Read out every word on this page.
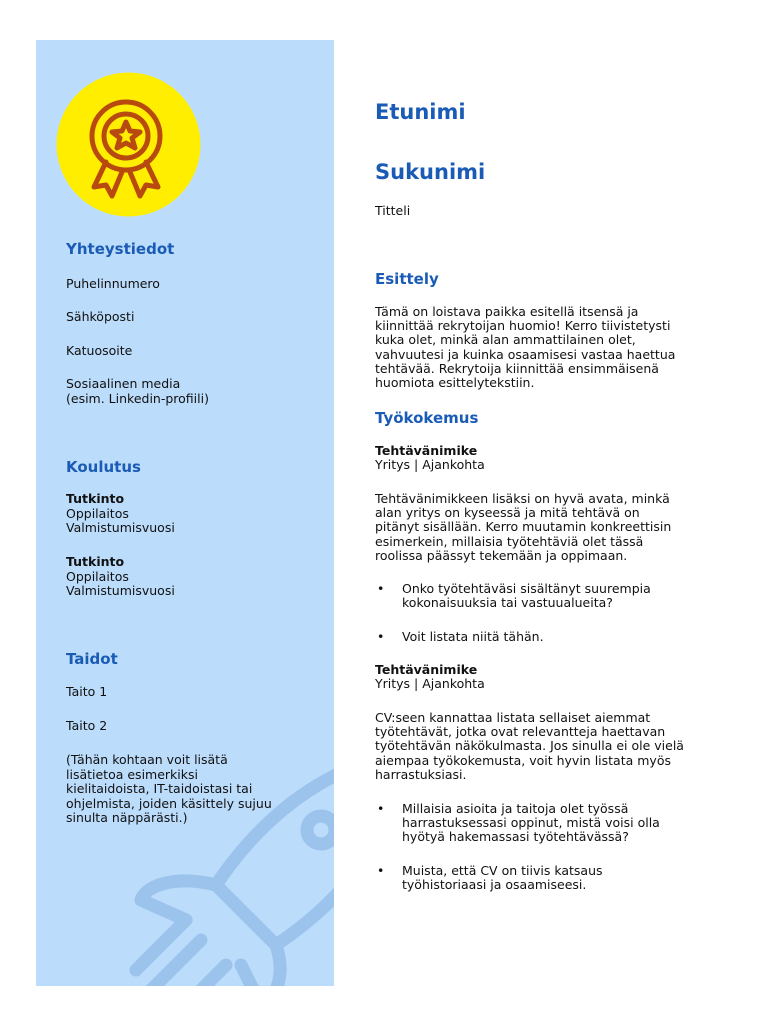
Yhteystiedot
Puhelinnumero
Sähköposti
Katuosoite
Sosiaalinen media
(esim. Linkedin-profiili)
Koulutus
Tutkinto
Oppilaitos
Valmistumisvuosi
Tutkinto
Oppilaitos
Valmistumisvuosi
Taidot
Taito 1
Taito 2
(Tähän kohtaan voit lisätä
lisätietoa esimerkiksi
kielitaidoista, IT-taidoistasi tai
ohjelmista, joiden käsittely sujuu
sinulta näppärästi.)
Etunimi
Sukunimi
Titteli
Esittely
Tämä on loistava paikka esitellä itsensä ja
kiinnittää rekrytoijan huomio! Kerro tiivistetysti
kuka olet, minkä alan ammattilainen olet,
vahvuutesi ja kuinka osaamisesi vastaa haettua
tehtävää. Rekrytoija kiinnittää ensimmäisenä
huomiota esittelytekstiin.
Työkokemus
Tehtävänimike
Yritys | Ajankohta
Tehtävänimikkeen lisäksi on hyvä avata, minkä
alan yritys on kyseessä ja mitä tehtävä on
pitänyt sisällään. Kerro muutamin konkreettisin
esimerkein, millaisia työtehtäviä olet tässä
roolissa päässyt tekemään ja oppimaan.
• Onko työtehtäväsi sisältänyt suurempia
kokonaisuuksia tai vastuualueita?
• Voit listata niitä tähän.
Tehtävänimike
Yritys | Ajankohta
CV:seen kannattaa listata sellaiset aiemmat
työtehtävät, jotka ovat relevantteja haettavan
työtehtävän näkökulmasta. Jos sinulla ei ole vielä
aiempaa työkokemusta, voit hyvin listata myös
harrastuksiasi.
• Millaisia asioita ja taitoja olet työssä
harrastuksessasi oppinut, mistä voisi olla
hyötyä hakemassasi työtehtävässä?
• Muista, että CV on tiivis katsaus
työhistoriaasi ja osaamiseesi.
